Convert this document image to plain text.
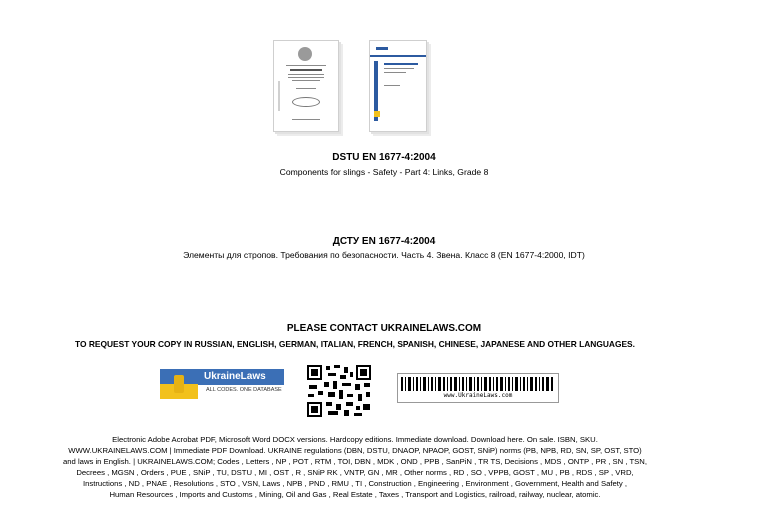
DSTU EN 1677-4:2004
Components for slings - Safety - Part 4: Links, Grade 8
ДСТУ EN 1677-4:2004
Элементы для стропов. Требования по безопасности. Часть 4. Звена. Класс 8 (EN 1677-4:2000, IDT)
PLEASE CONTACT UKRAINELAWS.COM
TO REQUEST YOUR COPY IN RUSSIAN, ENGLISH, GERMAN, ITALIAN, FRENCH, SPANISH, CHINESE, JAPANESE AND OTHER LANGUAGES.
UkraineLaws
ALL CODES. ONE DATABASE
www.UkraineLaws.com
Electronic Adobe Acrobat PDF, Microsoft Word DOCX versions. Hardcopy editions. Immediate download. Download here. On sale. ISBN, SKU.
WWW.UKRAINELAWS.COM | Immediate PDF Download. UKRAINE regulations (DBN, DSTU, DNAOP, NPAOP, GOST, SNiP) norms (PB, NPB, RD, SN, SP, OST, STO)
and laws in English. | UKRAINELAWS.COM; Codes , Letters , NP , POT , RTM , TOI, DBN , MDK , OND , PPB , SanPiN , TR TS, Decisions , MDS , ONTP , PR , SN , TSN,
Decrees , MGSN , Orders , PUE , SNiP , TU, DSTU , MI , OST , R , SNiP RK , VNTP, GN , MR , Other norms , RD , SO , VPPB, GOST , MU , PB , RDS , SP , VRD,
Instructions , ND , PNAE , Resolutions , STO , VSN, Laws , NPB , PND , RMU , TI , Construction , Engineering , Environment , Government, Health and Safety ,
Human Resources , Imports and Customs , Mining, Oil and Gas , Real Estate , Taxes , Transport and Logistics, railroad, railway, nuclear, atomic.
